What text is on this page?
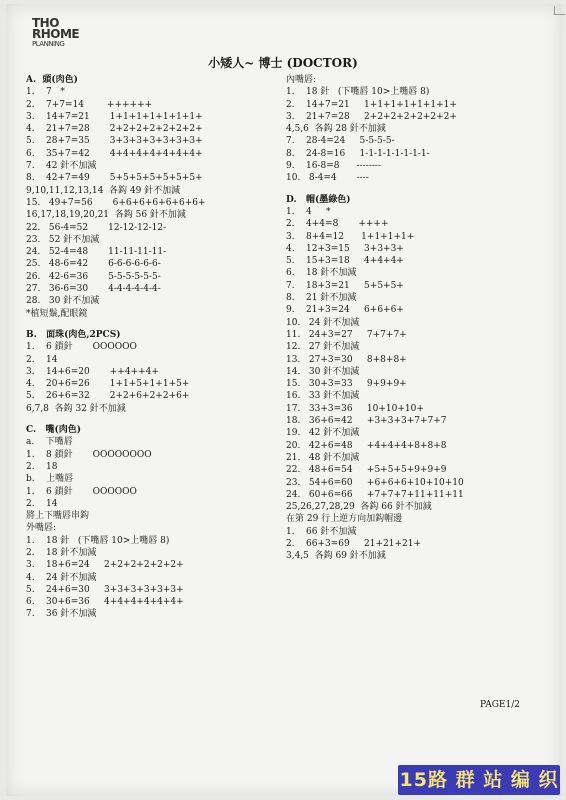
THO
RHOME
PLANNING
小矮人~ 博士 (DOCTOR)
A.  頭(肉色)
1.    7   *
2.    7+7=14        ++++++
3.    14+7=21       1+1+1+1+1+1+1+
4.    21+7=28       2+2+2+2+2+2+2+
5.    28+7=35       3+3+3+3+3+3+3+
6.    35+7=42       4+4+4+4+4+4+4+
7.    42 針不加減
8.    42+7=49       5+5+5+5+5+5+5+
9,10,11,12,13,14  各鈎 49 針不加減
15.   49+7=56       6+6+6+6+6+6+6+
16,17,18,19,20,21  各鈎 56 針不加減
22.   56-4=52       12-12-12-12-
23.   52 針不加減
24.   52-4=48       11-11-11-11-
25.   48-6=42       6-6-6-6-6-6-
26.   42-6=36       5-5-5-5-5-5-
27.   36-6=30       4-4-4-4-4-4-
28.   30 針不加減
*植短鬚,配眼鏡
B.   面珠(肉色,2PCS)
1.    6 鎖針       OOOOOO
2.    14
3.    14+6=20       ++4++4+
4.    20+6=26       1+1+5+1+1+5+
5.    26+6=32       2+2+6+2+2+6+
6,7,8  各鈎 32 針不加減
C.   嘴(肉色)
a.    下嘴唇
1.    8 鎖針       OOOOOOOO
2.    18
b.    上嘴唇
1.    6 鎖針       OOOOOO
2.    14
將上下嘴唇串鈎
外嘴唇:
1.    18 針   (下嘴唇 10>上嘴唇 8)
2.    18 針不加減
3.    18+6=24     2+2+2+2+2+2+
4.    24 針不加減
5.    24+6=30     3+3+3+3+3+3+
6.    30+6=36     4+4+4+4+4+4+
7.    36 針不加減
內嘴唇:
1.    18 針   (下嘴唇 10>上嘴唇 8)
2.    14+7=21     1+1+1+1+1+1+1+
3.    21+7=28     2+2+2+2+2+2+2+
4,5,6  各鈎 28 針不加減
7.    28-4=24     5-5-5-5-
8.    24-8=16     1-1-1-1-1-1-1-1-
9.    16-8=8      --------
10.   8-4=4       ----
D.   帽(墨綠色)
1.    4     *
2.    4+4=8       ++++
3.    8+4=12      1+1+1+1+
4.    12+3=15     3+3+3+
5.    15+3=18     4+4+4+
6.    18 針不加減
7.    18+3=21     5+5+5+
8.    21 針不加減
9.    21+3=24     6+6+6+
10.   24 針不加減
11.   24+3=27     7+7+7+
12.   27 針不加減
13.   27+3=30     8+8+8+
14.   30 針不加減
15.   30+3=33     9+9+9+
16.   33 針不加減
17.   33+3=36     10+10+10+
18.   36+6=42     +3+3+3+7+7+7
19.   42 針不加減
20.   42+6=48     +4+4+4+8+8+8
21.   48 針不加減
22.   48+6=54     +5+5+5+9+9+9
23.   54+6=60     +6+6+6+10+10+10
24.   60+6=66     +7+7+7+11+11+11
25,26,27,28,29  各鈎 66 針不加減
在第 29 行上逆方向加鈎帽邊
1.    66 針不加減
2.    66+3=69     21+21+21+
3,4,5  各鈎 69 針不加減
PAGE1/2
15路 群 站 编 织
